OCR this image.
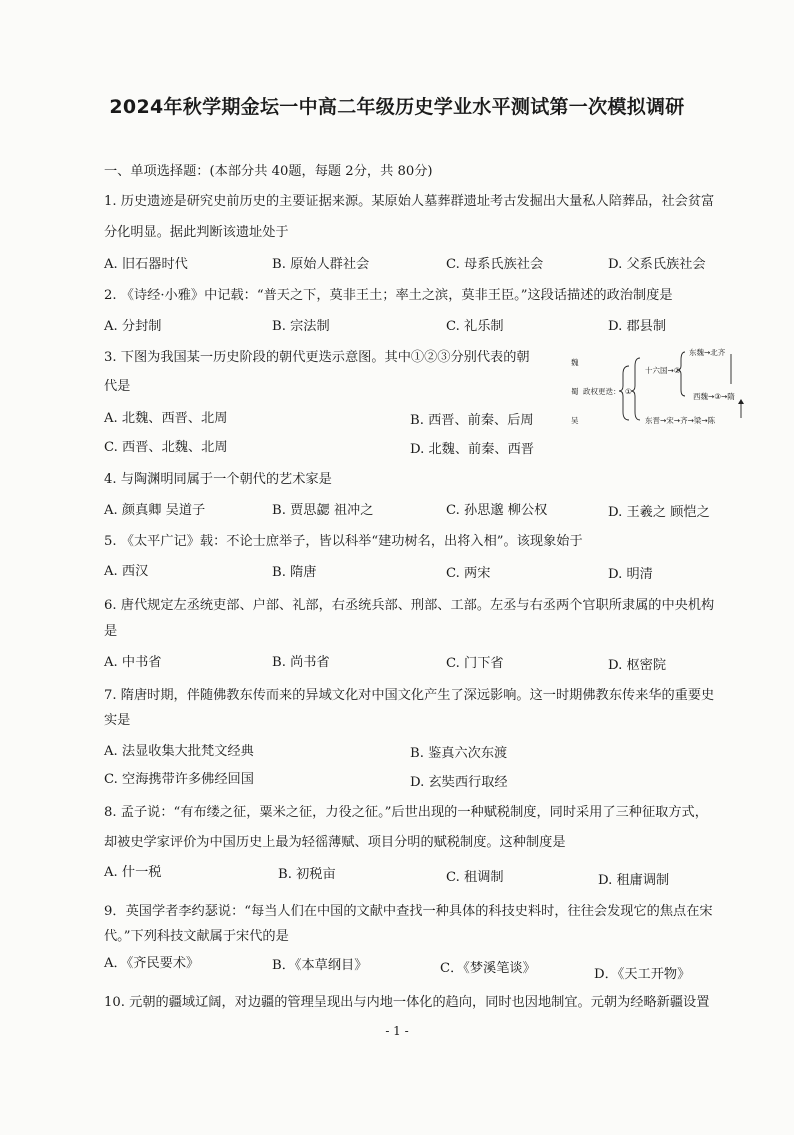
2024年秋学期金坛一中高二年级历史学业水平测试第一次模拟调研
一、单项选择题：(本部分共 40题，每题 2分，共 80分)
1. 历史遗迹是研究史前历史的主要证据来源。某原始人墓葬群遗址考古发掘出大量私人陪葬品，社会贫富
分化明显。据此判断该遗址处于
A. 旧石器时代	B. 原始人群社会	C. 母系氏族社会	D. 父系氏族社会
2. 《诗经·小雅》中记载：“普天之下，莫非王土；率土之滨，莫非王臣。”这段话描述的政治制度是
A. 分封制	B. 宗法制	C. 礼乐制	D. 郡县制
3. 下图为我国某一历史阶段的朝代更迭示意图。其中①②③分别代表的朝
代是
A. 北魏、西晋、北周	B. 西晋、前秦、后周
C. 西晋、北魏、北周	D. 北魏、前秦、西晋
魏
蜀
吴
政权更迭： ①
十六国→②
东魏→北齐
西魏→③→隋
东晋→宋→齐→梁→陈
4. 与陶渊明同属于一个朝代的艺术家是
A. 颜真卿 吴道子	B. 贾思勰 祖冲之	C. 孙思邈 柳公权	D. 王羲之 顾恺之
5. 《太平广记》载：不论士庶举子，皆以科举“建功树名，出将入相”。该现象始于
A. 西汉	B. 隋唐	C. 两宋	D. 明清
6. 唐代规定左丞统吏部、户部、礼部，右丞统兵部、刑部、工部。左丞与右丞两个官职所隶属的中央机构
是
A. 中书省	B. 尚书省	C. 门下省	D. 枢密院
7. 隋唐时期，伴随佛教东传而来的异域文化对中国文化产生了深远影响。这一时期佛教东传来华的重要史
实是
A. 法显收集大批梵文经典	B. 鉴真六次东渡
C. 空海携带许多佛经回国	D. 玄奘西行取经
8. 孟子说：“有布缕之征，粟米之征，力役之征。”后世出现的一种赋税制度，同时采用了三种征取方式，
却被史学家评价为中国历史上最为轻徭薄赋、项目分明的赋税制度。这种制度是
A. 什一税	B. 初税亩	C. 租调制	D. 租庸调制
9．英国学者李约瑟说：“每当人们在中国的文献中查找一种具体的科技史料时，往往会发现它的焦点在宋
代。”下列科技文献属于宋代的是
A．《齐民要术》	B．《本草纲目》	C．《梦溪笔谈》	D．《天工开物》
10. 元朝的疆域辽阔，对边疆的管理呈现出与内地一体化的趋向，同时也因地制宜。元朝为经略新疆设置
- 1 -
